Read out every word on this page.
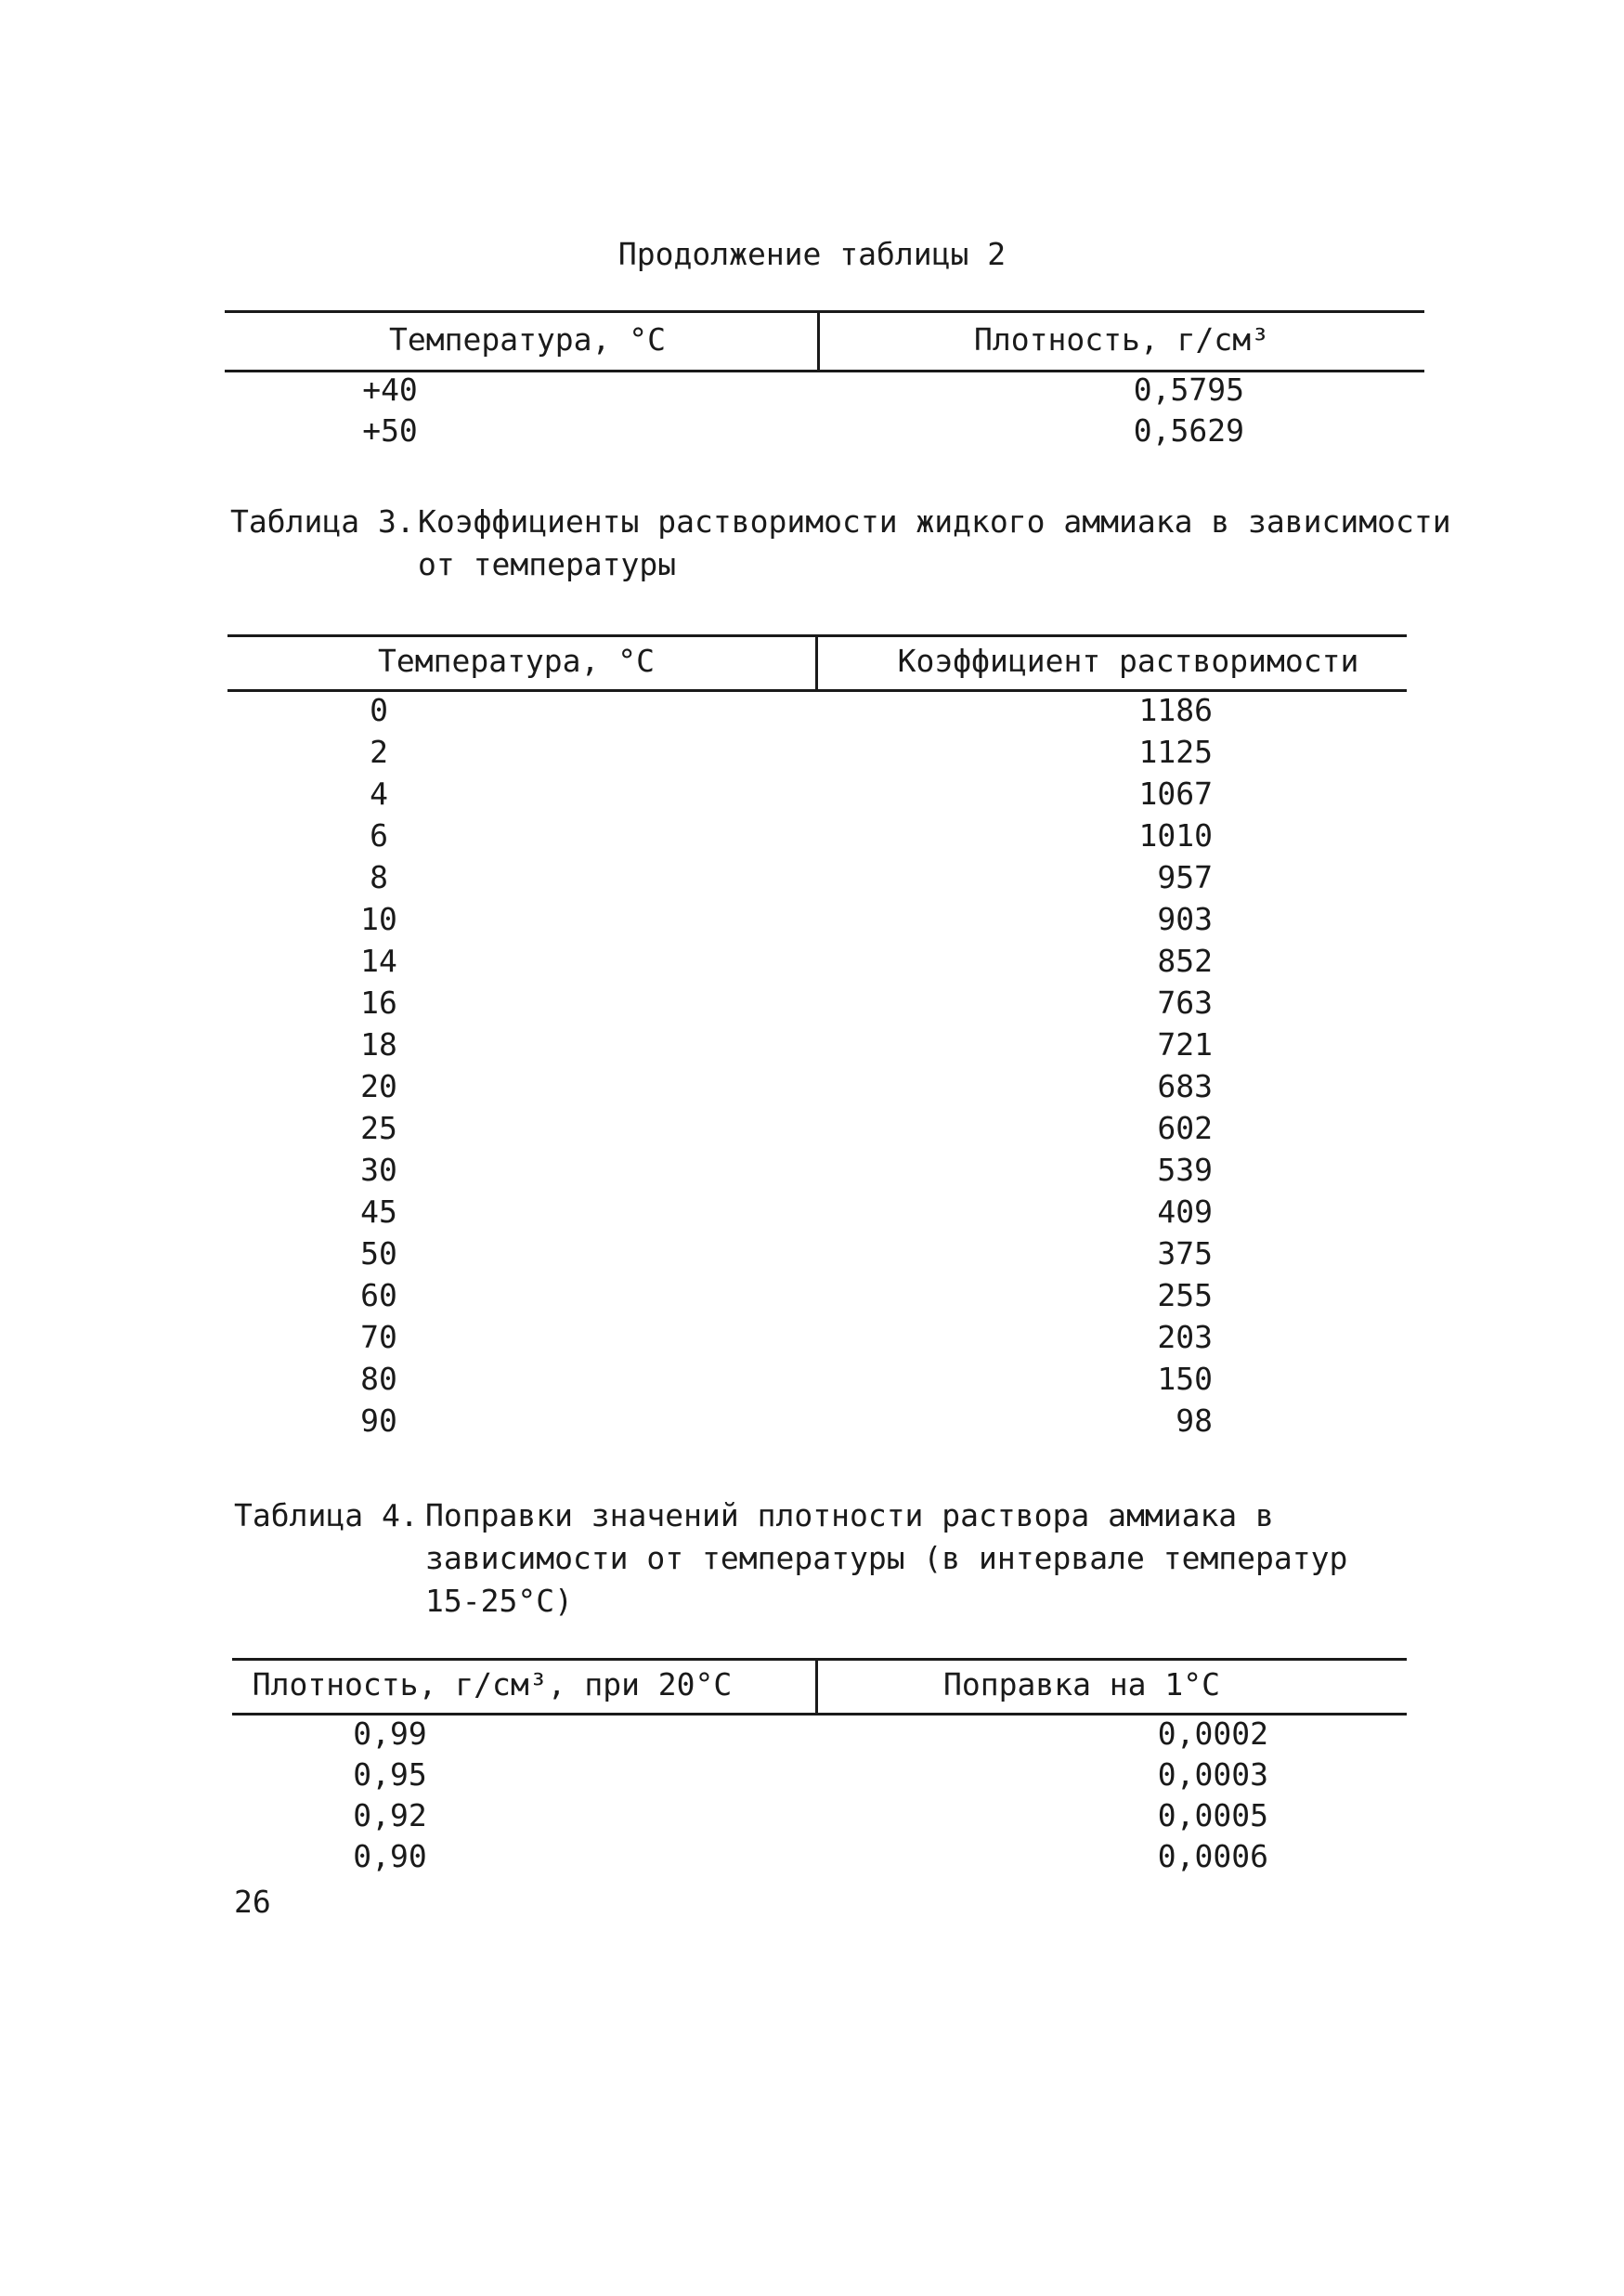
Продолжение таблицы 2
Температура, °С	Плотность, г/см³
+40	0,5795
+50	0,5629
Таблица 3. Коэффициенты растворимости жидкого аммиака в зависимости
от температуры
Температура, °С	Коэффициент растворимости
0	1186
2	1125
4	1067
6	1010
8	957
10	903
14	852
16	763
18	721
20	683
25	602
30	539
45	409
50	375
60	255
70	203
80	150
90	98
Таблица 4. Поправки значений плотности раствора аммиака в
зависимости от температуры (в интервале температур
15-25°С)
Плотность, г/см³, при 20°С	Поправка на 1°С
0,99	0,0002
0,95	0,0003
0,92	0,0005
0,90	0,0006
26
